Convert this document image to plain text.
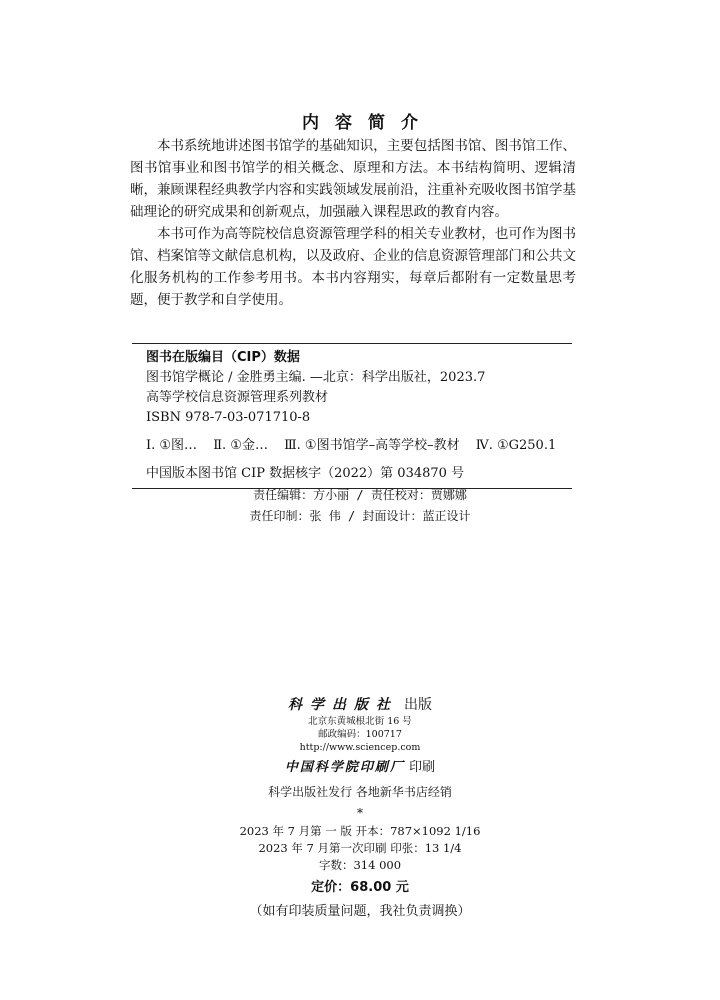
内容简介

本书系统地讲述图书馆学的基础知识，主要包括图书馆、图书馆工作、图书馆事业和图书馆学的相关概念、原理和方法。本书结构简明、逻辑清晰，兼顾课程经典教学内容和实践领域发展前沿，注重补充吸收图书馆学基础理论的研究成果和创新观点，加强融入课程思政的教育内容。

本书可作为高等院校信息资源管理学科的相关专业教材，也可作为图书馆、档案馆等文献信息机构，以及政府、企业的信息资源管理部门和公共文化服务机构的工作参考用书。本书内容翔实，每章后都附有一定数量思考题，便于教学和自学使用。

图书在版编目（CIP）数据
图书馆学概论 / 金胜勇主编. —北京：科学出版社，2023.7
高等学校信息资源管理系列教材
ISBN 978-7-03-071710-8
Ⅰ. ①图… Ⅱ. ①金… Ⅲ. ①图书馆学–高等学校–教材 Ⅳ. ①G250.1
中国版本图书馆 CIP 数据核字（2022）第 034870 号
责任编辑：方小丽 / 责任校对：贾娜娜
责任印制：张 伟 / 封面设计：蓝正设计
科学出版社 出版
北京东黄城根北街 16 号
邮政编码：100717
http://www.sciencep.com
中国科学院印刷厂 印刷
科学出版社发行 各地新华书店经销
*
2023 年 7 月第 一 版 开本：787×1092 1/16
2023 年 7 月第一次印刷 印张：13 1/4
字数：314 000
定价：68.00 元
（如有印装质量问题，我社负责调换）
